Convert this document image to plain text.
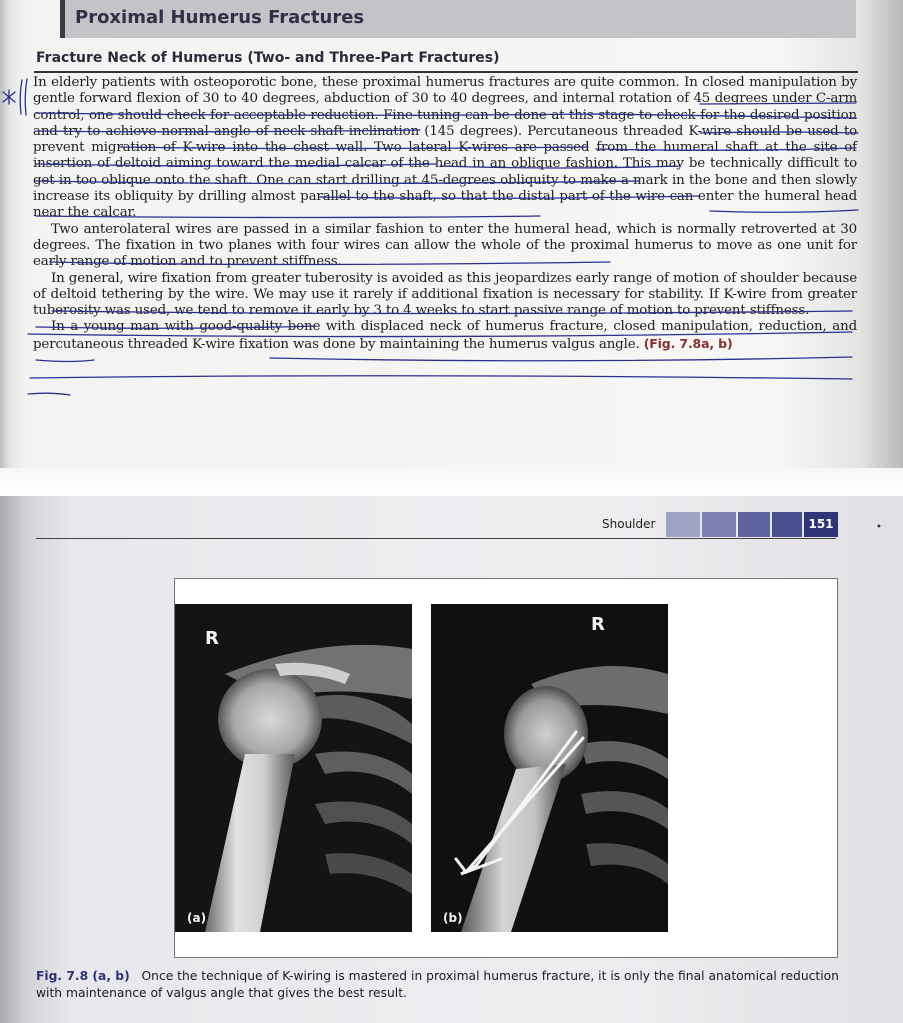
Proximal Humerus Fractures
Fracture Neck of Humerus (Two- and Three-Part Fractures)

In elderly patients with osteoporotic bone, these proximal humerus fractures are quite common. In closed manipulation by gentle forward flexion of 30 to 40 degrees, abduction of 30 to 40 degrees, and internal rotation of 45 degrees under C-arm control, one should check for acceptable reduction. Fine-tuning can be done at this stage to check for the desired position and try to achieve normal angle of neck shaft inclination (145 degrees). Percutaneous threaded K-wire should be used to prevent migration of K-wire into the chest wall. Two lateral K-wires are passed from the humeral shaft at the site of insertion of deltoid aiming toward the medial calcar of the head in an oblique fashion. This may be technically difficult to get in too oblique onto the shaft. One can start drilling at 45-degrees obliquity to make a mark in the bone and then slowly increase its obliquity by drilling almost parallel to the shaft, so that the distal part of the wire can enter the humeral head near the calcar.

Two anterolateral wires are passed in a similar fashion to enter the humeral head, which is normally retroverted at 30 degrees. The fixation in two planes with four wires can allow the whole of the proximal humerus to move as one unit for early range of motion and to prevent stiffness.

In general, wire fixation from greater tuberosity is avoided as this jeopardizes early range of motion of shoulder because of deltoid tethering by the wire. We may use it rarely if additional fixation is necessary for stability. If K-wire from greater tuberosity was used, we tend to remove it early by 3 to 4 weeks to start passive range of motion to prevent stiffness.

In a young man with good-quality bone with displaced neck of humerus fracture, closed manipulation, reduction, and percutaneous threaded K-wire fixation was done by maintaining the humerus valgus angle. (Fig. 7.8a, b)

Shoulder	151	•
R
(a)
R
(b)
Fig. 7.8 (a, b) Once the technique of K-wiring is mastered in proximal humerus fracture, it is only the final anatomical reduction with maintenance of valgus angle that gives the best result.
